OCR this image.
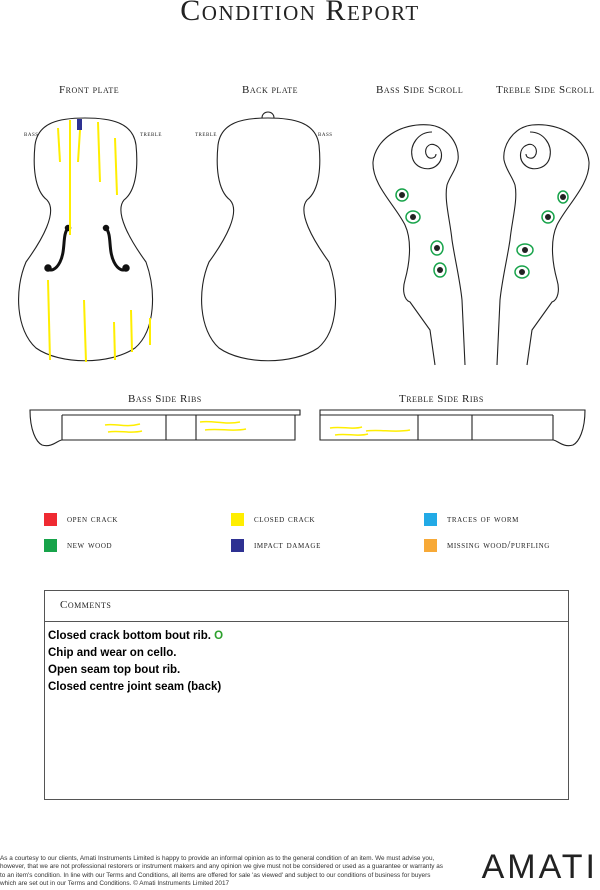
Condition Report
Front plate	Back plate	Bass Side Scroll	Treble Side Scroll
bass	treble	treble	bass
Bass Side Ribs	Treble Side Ribs
open crack	closed crack	traces of worm
new wood	impact damage	missing wood/purfling
Comments
Closed crack bottom bout rib. O
Chip and wear on cello.
Open seam top bout rib.
Closed centre joint seam (back)
As a courtesy to our clients, Amati Instruments Limited is happy to provide an informal opinion as to the general condition of an item. We must advise you, however, that we are not professional restorers or instrument makers and any opinion we give must not be considered or used as a guarantee or warranty as to an item's condition. In line with our Terms and Conditions, all items are offered for sale 'as viewed' and subject to our conditions of business for buyers which are set out in our Terms and Conditions. © Amati Instruments Limited 2017	AMATI
